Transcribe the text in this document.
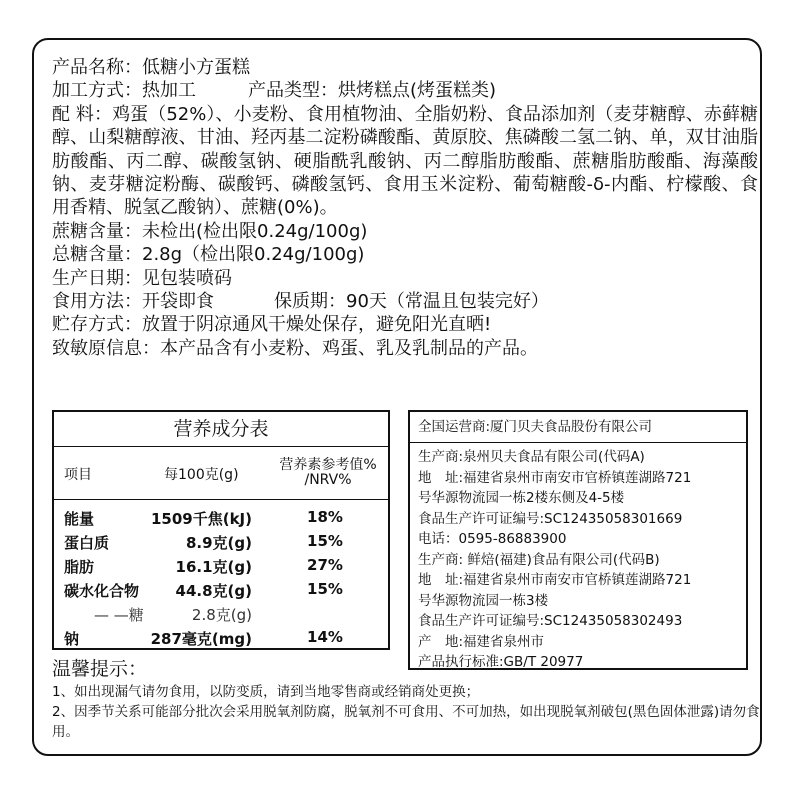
产品名称：低糖小方蛋糕
加工方式：热加工	产品类型：烘烤糕点(烤蛋糕类)
配 料：鸡蛋（52%）、小麦粉、食用植物油、全脂奶粉、食品添加剂（麦芽糖醇、赤藓糖醇、山梨糖醇液、甘油、羟丙基二淀粉磷酸酯、黄原胶、焦磷酸二氢二钠、单，双甘油脂肪酸酯、丙二醇、碳酸氢钠、硬脂酰乳酸钠、丙二醇脂肪酸酯、蔗糖脂肪酸酯、海藻酸钠、麦芽糖淀粉酶、碳酸钙、磷酸氢钙、食用玉米淀粉、葡萄糖酸-δ-内酯、柠檬酸、食用香精、脱氢乙酸钠）、蔗糖(0%)。
蔗糖含量：未检出(检出限0.24g/100g)
总糖含量：2.8g（检出限0.24g/100g)
生产日期：见包装喷码
食用方法：开袋即食	保质期：90天（常温且包装完好）
贮存方式：放置于阴凉通风干燥处保存，避免阳光直晒!
致敏原信息：本产品含有小麦粉、鸡蛋、乳及乳制品的产品。
营养成分表
项目	每100克(g)
营养素参考值%
/NRV%
能量	1509千焦(kJ)	18%
蛋白质	8.9克(g)	15%
脂肪	16.1克(g)	27%
碳水化合物	44.8克(g)	15%
— —糖	2.8克(g)
钠	287毫克(mg)	14%
全国运营商:厦门贝夫食品股份有限公司
生产商:泉州贝夫食品有限公司(代码A)
地　址:福建省泉州市南安市官桥镇莲湖路721
号华源物流园一栋2楼东侧及4-5楼
食品生产许可证编号:SC12435058301669
电话：0595-86883900
生产商: 鲜焙(福建)食品有限公司(代码B)
地　址:福建省泉州市南安市官桥镇莲湖路721
号华源物流园一栋3楼
食品生产许可证编号:SC12435058302493
产　地:福建省泉州市
产品执行标准:GB/T 20977
温馨提示：
1、如出现漏气请勿食用，以防变质，请到当地零售商或经销商处更换；
2、因季节关系可能部分批次会采用脱氧剂防腐，脱氧剂不可食用、不可加热，如出现脱氧剂破包(黑色固体泄露)请勿食用。
